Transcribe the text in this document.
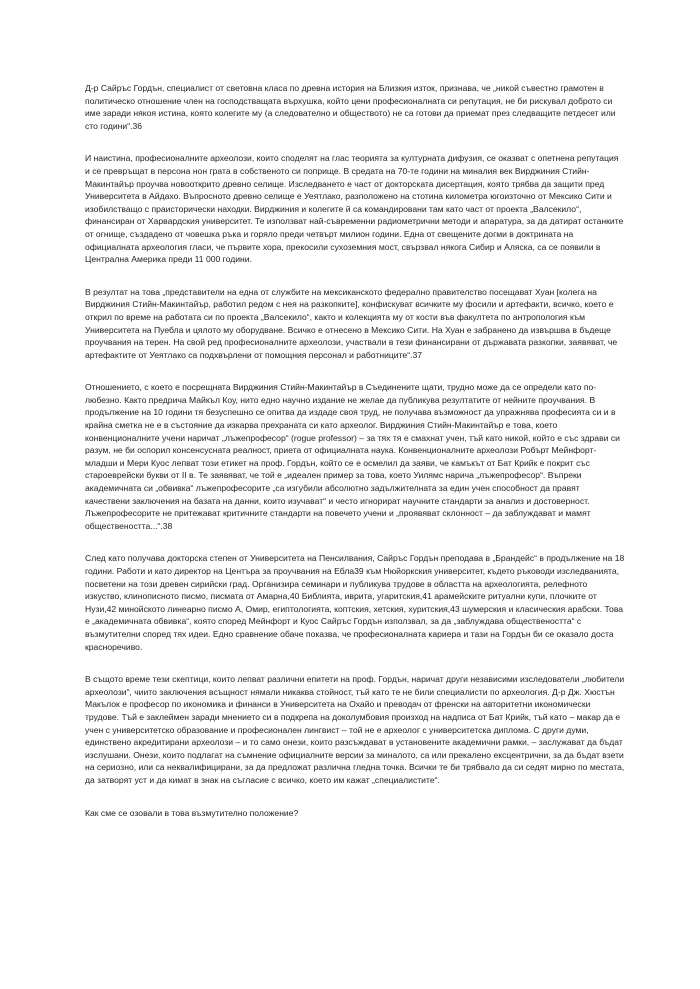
Д-р Сайръс Гордън, специалист от световна класа по древна история на Близкия изток, признава, че „никой съвестно грамотен в политическо отношение член на господстващата върхушка, който цени професионалната си репутация, не би рискувал доброто си име заради някоя истина, която колегите му (а следователно и обществото) не са готови да приемат през следващите петдесет или сто години“.36

И наистина, професионалните археолози, които споделят на глас теорията за културната дифузия, се оказват с опетнена репутация и се превръщат в персона нон грата в собственото си поприще. В средата на 70-те години на миналия век Вирджиния Стийн-Макинтайър проучва новооткрито древно селище. Изследването е част от докторската дисертация, която трябва да защити пред Университета в Айдахо. Въпросното древно селище е Уеятлако, разположено на стотина километра югоизточно от Мексико Сити и изобилстващо с праисторически находки. Вирджиния и колегите й са командировани там като част от проекта „Валсекило“, финансиран от Харвардския университет. Те използват най-съвременни радиометрични методи и апаратура, за да датират останките от огнище, създадено от човешка ръка и горяло преди четвърт милион години. Една от свещените догми в доктрината на официалната археология гласи, че първите хора, прекосили сухоземния мост, свързвал някога Сибир и Аляска, са се появили в Централна Америка преди 11 000 години.

В резултат на това „представители на една от службите на мексиканското федерално правителство посещават Хуан [колега на Вирджиния Стийн-Макинтайър, работил редом с нея на разкопките], конфискуват всичките му фосили и артефакти, всичко, което е открил по време на работата си по проекта „Валсекило“, както и колекцията му от кости във факултета по антропология към Университета на Пуебла и цялото му оборудване. Всичко е отнесено в Мексико Сити. На Хуан е забранено да извършва в бъдеще проучвания на терен. На свой ред професионалните археолози, участвали в тези финансирани от държавата разкопки, заявяват, че артефактите от Уеятлако са подхвърлени от помощния персонал и работниците“.37

Отношението, с което е посрещната Вирджиния Стийн-Макинтайър в Съединените щати, трудно може да се определи като по-любезно. Както предрича Майкъл Коу, нито едно научно издание не желае да публикува резултатите от нейните проучвания. В продължение на 10 години тя безуспешно се опитва да издаде своя труд, не получава възможност да упражнява професията си и в крайна сметка не е в състояние да изкарва прехраната си като археолог. Вирджиния Стийн-Макинтайър е това, което конвенционалните учени наричат „лъжепрофесор“ (rogue professor) – за тях тя е смахнат учен, тъй като никой, който е със здрави си разум, не би оспорил консенсусната реалност, приета от официалната наука. Конвенционалните археолози Робърт Мейнфорт-младши и Мери Куос лепват този етикет на проф. Гордън, който се е осмелил да заяви, че камъкът от Бат Крийк е покрит със староеврейски букви от II в. Те заявяват, че той е „идеален пример за това, което Уилямс нарича „лъжепрофесор“. Въпреки академичната си „обвивка“ лъжепрофесорите „са изгубили абсолютно задължителната за един учен способност да правят качествени заключения на базата на данни, които изучават“ и често игнорират научните стандарти за анализ и достоверност. Лъжепрофесорите не притежават критичните стандарти на повечето учени и „проявяват склонност – да заблуждават и мамят обществеността...“.38

След като получава докторска степен от Университета на Пенсилвания, Сайръс Гордън преподава в „Брандейс“ в продължение на 18 години. Работи и като директор на Центъра за проучвания на Ебла39 към Нюйоркския университет, където ръководи изследванията, посветени на този древен сирийски град. Организира семинари и публикува трудове в областта на археологията, релефното изкуство, клинописното писмо, писмата от Амарна,40 Библията, иврита, угаритския,41 арамейските ритуални купи, плочките от Нузи,42 минойското линеарно писмо А, Омир, египтологията, коптския, хетския, хуритския,43 шумерския и класическия арабски. Това е „академичната обвивка“, която според Мейнфорт и Куос Сайръс Гордън използвал, за да „заблуждава обществеността“ с възмутителни според тях идеи. Едно сравнение обаче показва, че професионалната кариера и тази на Гордън би се оказало доста красноречиво.

В същото време тези скептици, които лепват различни епитети на проф. Гордън, наричат други независими изследователи „любители археолози“, чиито заключения всъщност нямали никаква стойност, тъй като те не били специалисти по археология. Д-р Дж. Хюстън Макълок е професор по икономика и финанси в Университета на Охайо и преводач от френски на авторитетни икономически трудове. Тъй е заклеймен заради мнението си в подкрепа на доколумбовия произход на надписа от Бат Крийк, тъй като – макар да е учен с университетско образование и професионален лингвист – той не е археолог с университетска диплома. С други думи, единствено акредитирани археолози – и то само онези, които разсъждават в установените академични рамки, – заслужават да бъдат изслушани. Онези, които подлагат на съмнение официалните версии за миналото, са или прекалено ексцентрични, за да бъдат взети на сериозно, или са неквалифицирани, за да предложат различна гледна точка. Всички те би трябвало да си седят мирно по местата, да затворят уст и да кимат в знак на съгласие с всичко, което им кажат „специалистите“.

Как сме се озовали в това възмутително положение?
